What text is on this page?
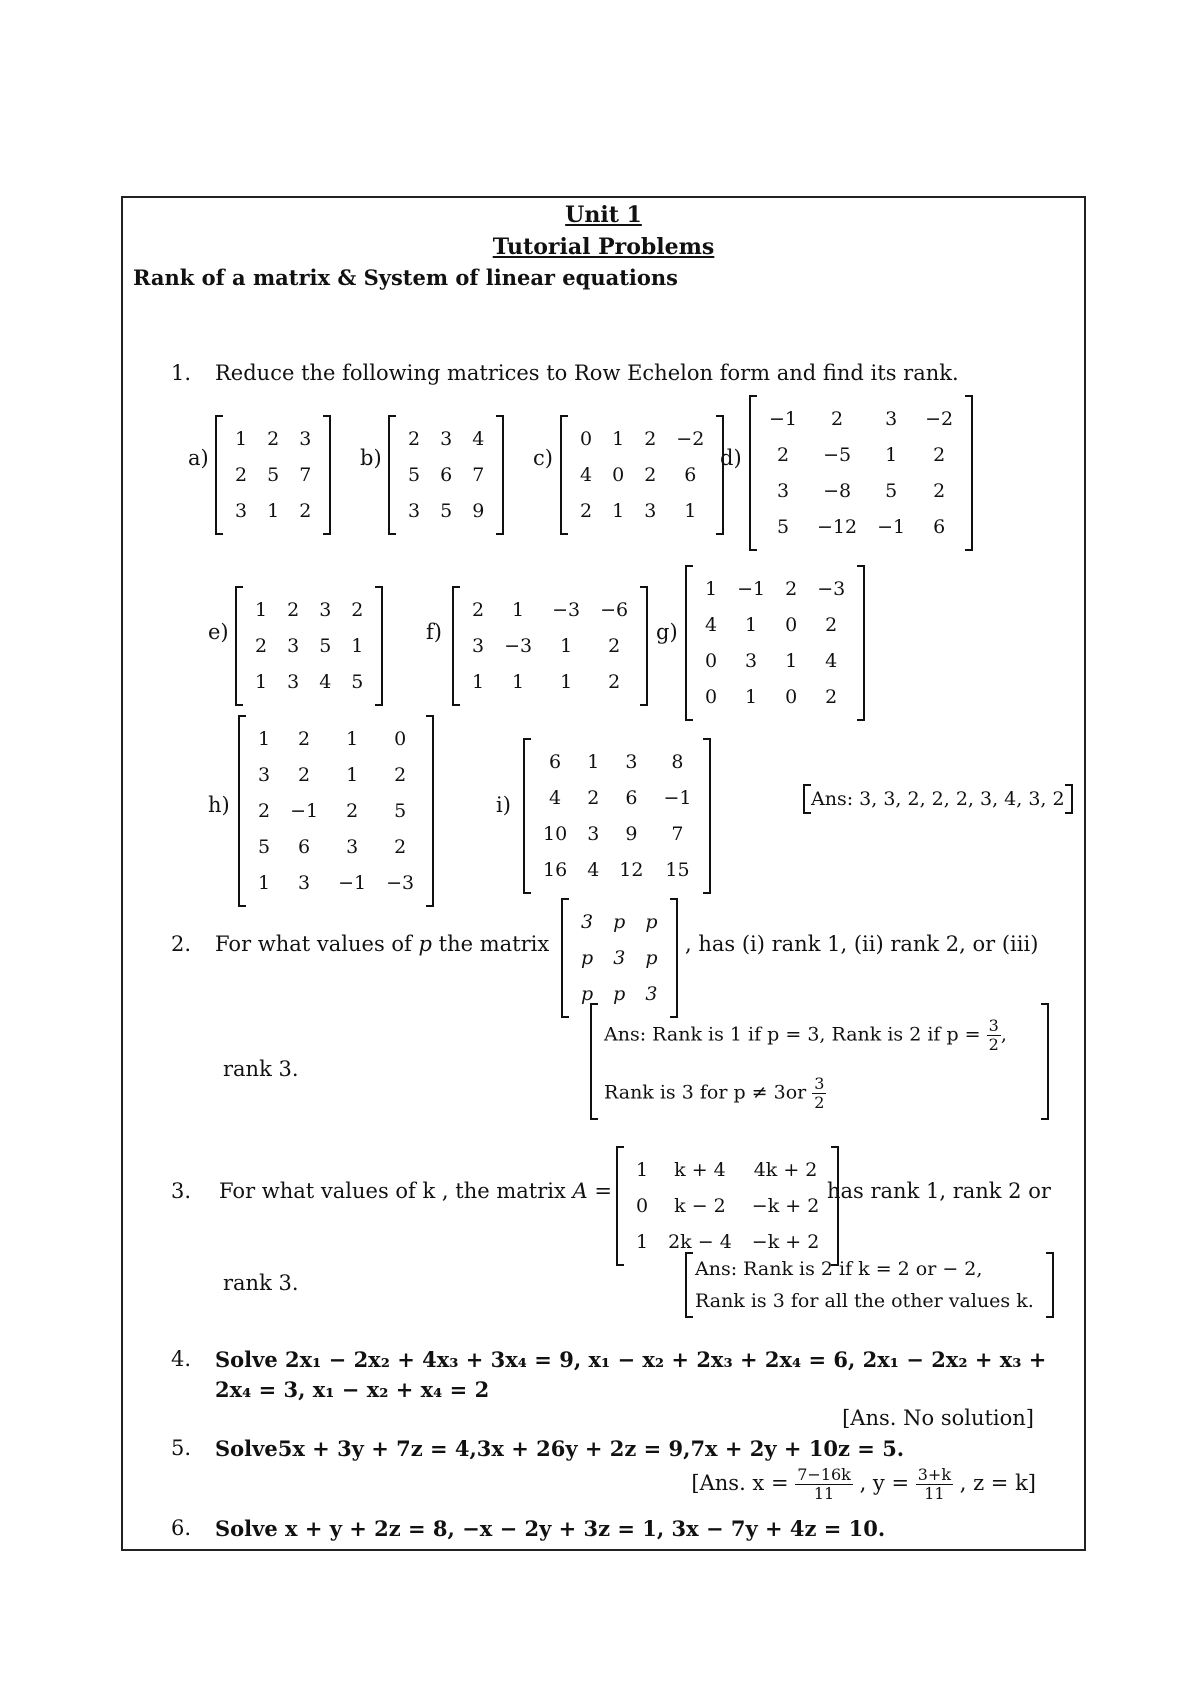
Unit 1
Tutorial Problems
Rank of a matrix & System of linear equations
1. Reduce the following matrices to Row Echelon form and find its rank.
a)
1	2	3
2	5	7
3	1	2
b)
2	3	4
5	6	7
3	5	9
c)
0	1	2	−2
4	0	2	6
2	1	3	1
d)
−1	2	3	−2
2	−5	1	2
3	−8	5	2
5	−12	−1	6
e)
1	2	3	2
2	3	5	1
1	3	4	5
f)
2	1	−3	−6
3	−3	1	2
1	1	1	2
g)
1	−1	2	−3
4	1	0	2
0	3	1	4
0	1	0	2
h)
1	2	1	0
3	2	1	2
2	−1	2	5
5	6	3	2
1	3	−1	−3
i)
6	1	3	8
4	2	6	−1
10	3	9	7
16	4	12	15
Ans: 3, 3, 2, 2, 2, 3, 4, 3, 2
2. For what values of p the matrix
3	p	p
p	3	p
p	p	3
, has (i) rank 1, (ii) rank 2, or (iii)
rank 3.
Ans: Rank is 1 if p = 3, Rank is 2 if $p = \frac{3}{2}$ ,
Rank is 3 for $p \ne 3or \frac{3}{2}$
3. For what values of k , the matrix A =
1	k + 4	4k + 2
0	k − 2	−k + 2
1	2k − 4	−k + 2
has rank 1, rank 2 or
rank 3.
Ans: Rank is 2 if k = 2 or − 2,
Rank is 3 for all the other values k.
4. Solve 2x₁ − 2x₂ + 4x₃ + 3x₄ = 9, x₁ − x₂ + 2x₃ + 2x₄ = 6, 2x₁ − 2x₂ + x₃ +
2x₄ = 3, x₁ − x₂ + x₄ = 2
[Ans. No solution]
5. Solve5x + 3y + 7z = 4,3x + 26y + 2z = 9,7x + 2y + 10z = 5.
[Ans. $x = \frac{7-16k}{11}$ , $y = \frac{3+k}{11}$ , z = k]
6. Solve x + y + 2z = 8, −x − 2y + 3z = 1, 3x − 7y + 4z = 10.
